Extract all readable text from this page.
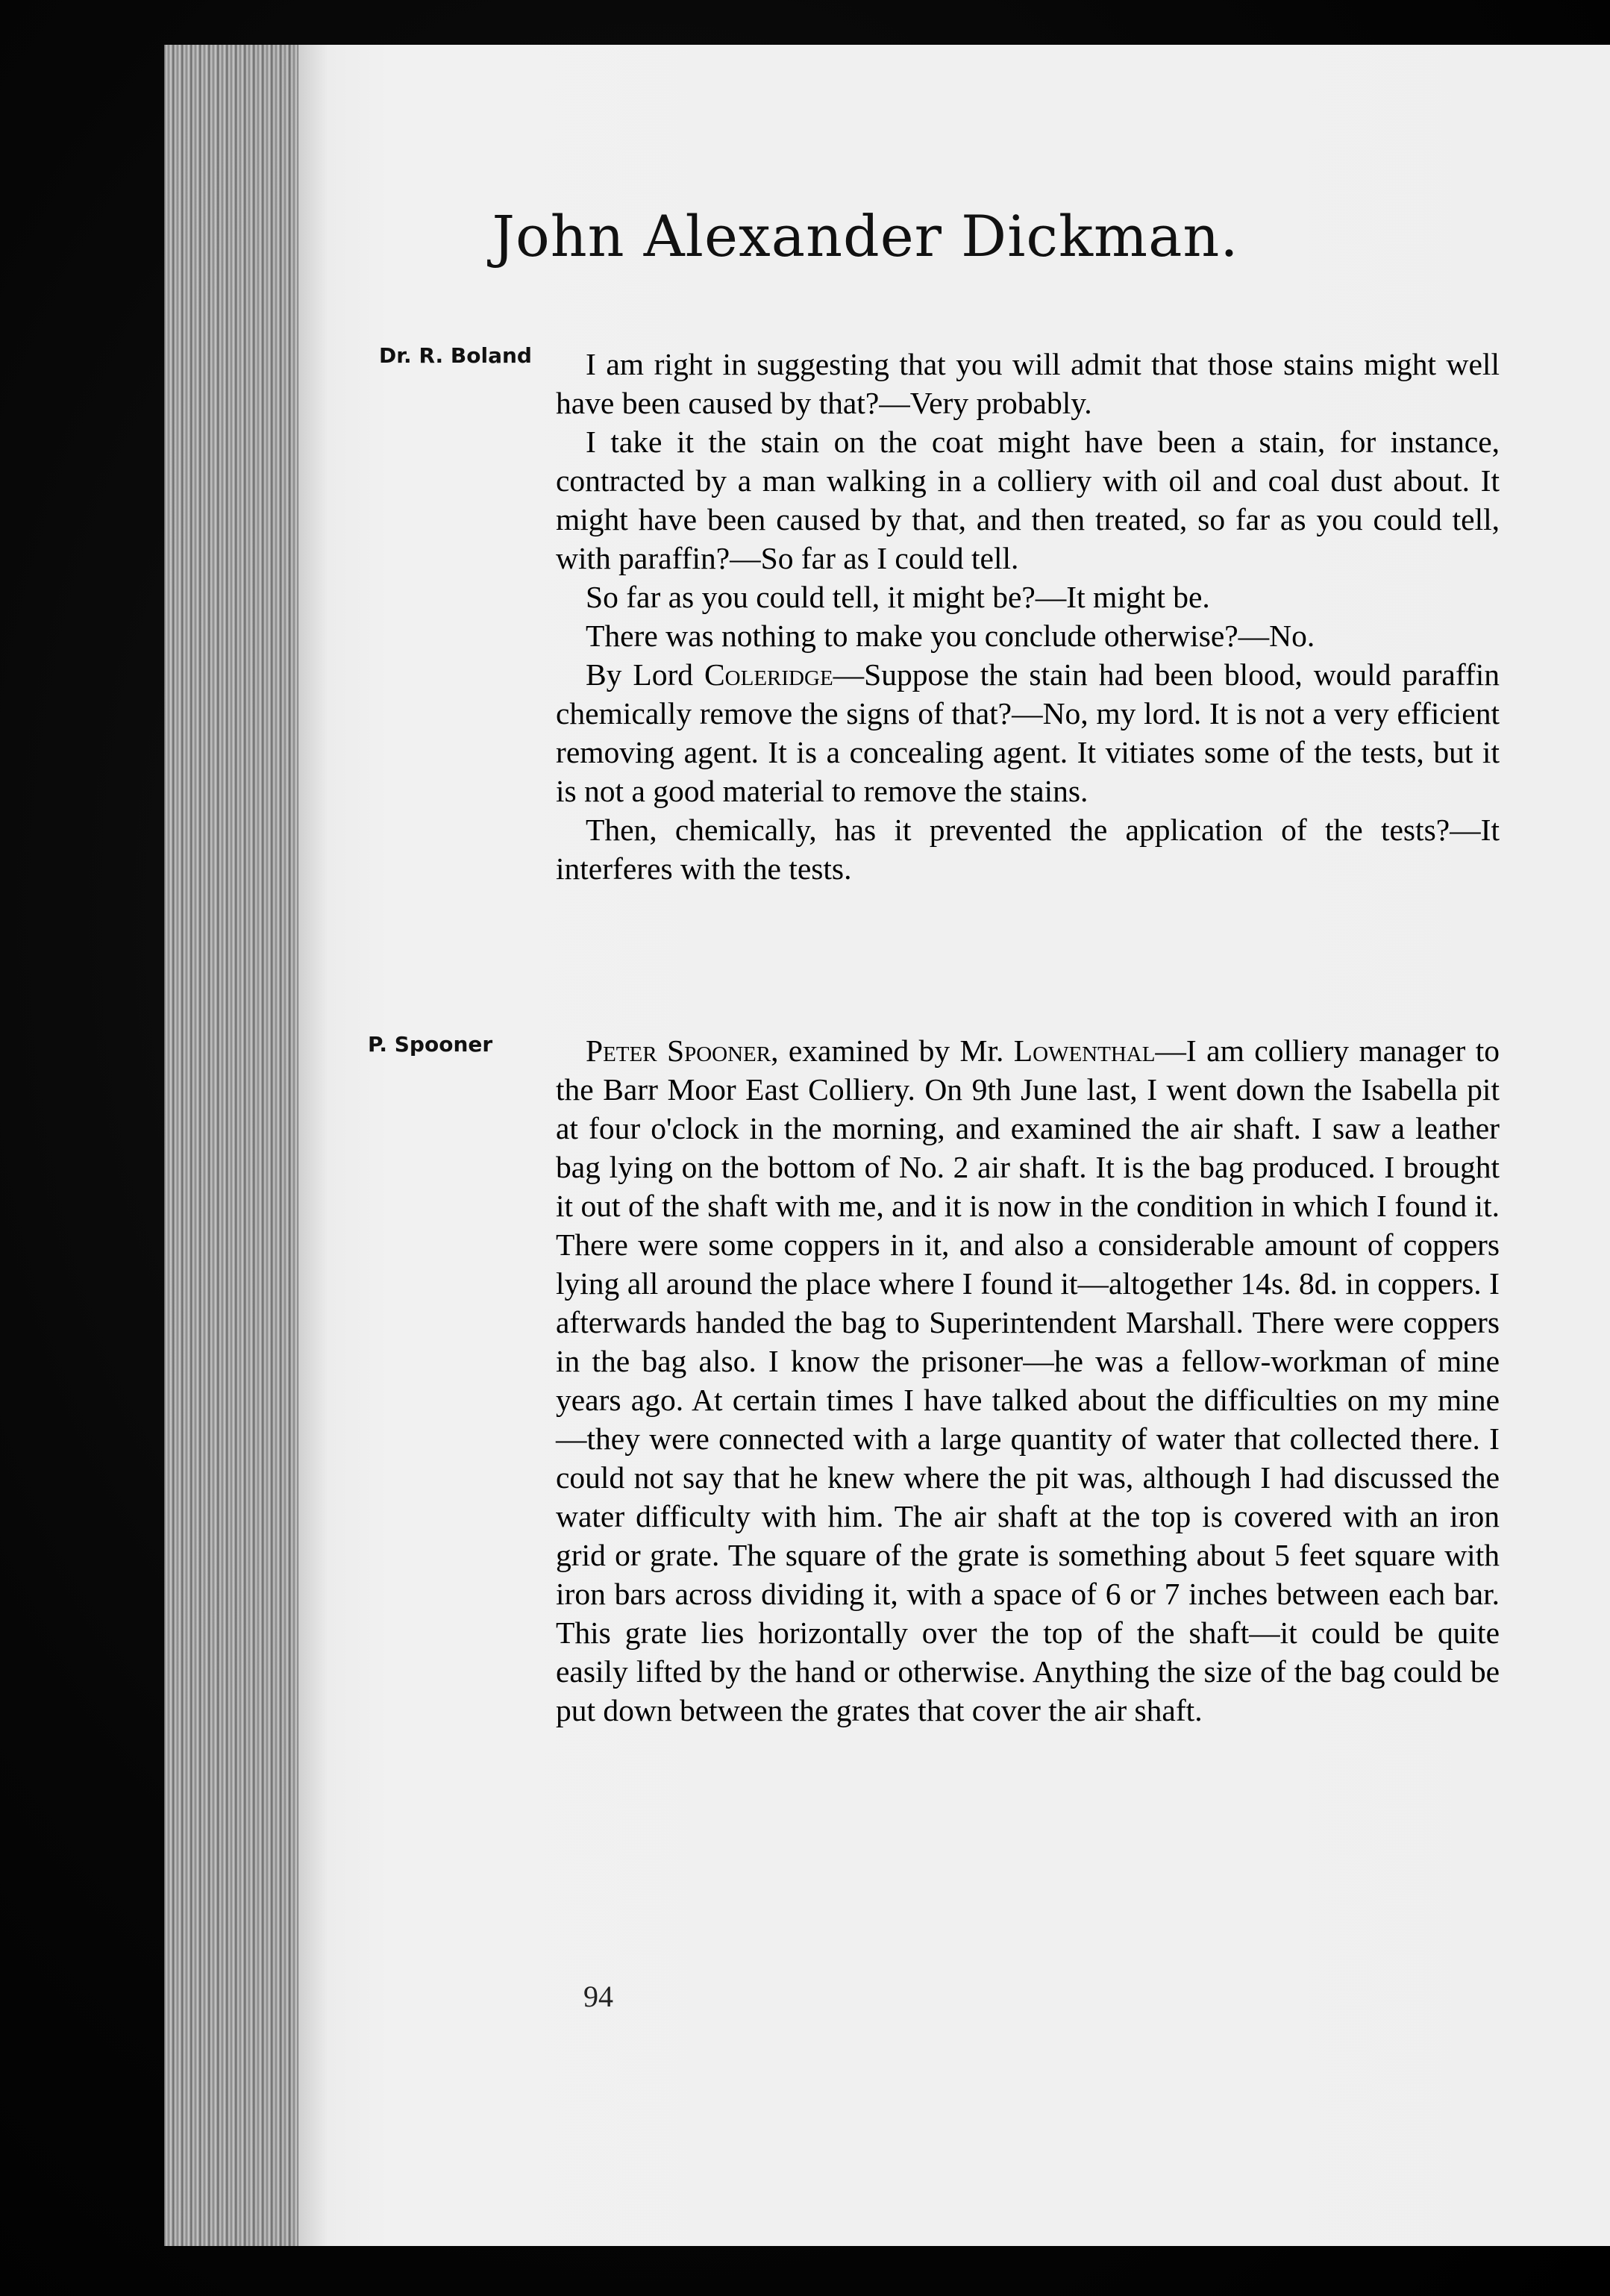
John Alexander Dickman.
Dr. R. Boland	I am right in suggesting that you will admit that those stains might well have been caused by that?—Very probably.
I take it the stain on the coat might have been a stain, for instance, contracted by a man walking in a colliery with oil and coal dust about. It might have been caused by that, and then treated, so far as you could tell, with paraffin?—So far as I could tell.
So far as you could tell, it might be?—It might be.
There was nothing to make you conclude otherwise?—No.
By Lord Coleridge—Suppose the stain had been blood, would paraffin chemically remove the signs of that?—No, my lord. It is not a very efficient removing agent. It is a concealing agent. It vitiates some of the tests, but it is not a good material to remove the stains.
Then, chemically, has it prevented the application of the tests?—It interferes with the tests.
P. Spooner	Peter Spooner, examined by Mr. Lowenthal—I am colliery manager to the Barr Moor East Colliery. On 9th June last, I went down the Isabella pit at four o'clock in the morning, and examined the air shaft. I saw a leather bag lying on the bottom of No. 2 air shaft. It is the bag produced. I brought it out of the shaft with me, and it is now in the condition in which I found it. There were some coppers in it, and also a considerable amount of coppers lying all around the place where I found it—altogether 14s. 8d. in coppers. I afterwards handed the bag to Superintendent Marshall. There were coppers in the bag also. I know the prisoner—he was a fellow-workman of mine years ago. At certain times I have talked about the difficulties on my mine—they were connected with a large quantity of water that collected there. I could not say that he knew where the pit was, although I had discussed the water difficulty with him. The air shaft at the top is covered with an iron grid or grate. The square of the grate is something about 5 feet square with iron bars across dividing it, with a space of 6 or 7 inches between each bar. This grate lies horizontally over the top of the shaft—it could be quite easily lifted by the hand or otherwise. Anything the size of the bag could be put down between the grates that cover the air shaft.
94
